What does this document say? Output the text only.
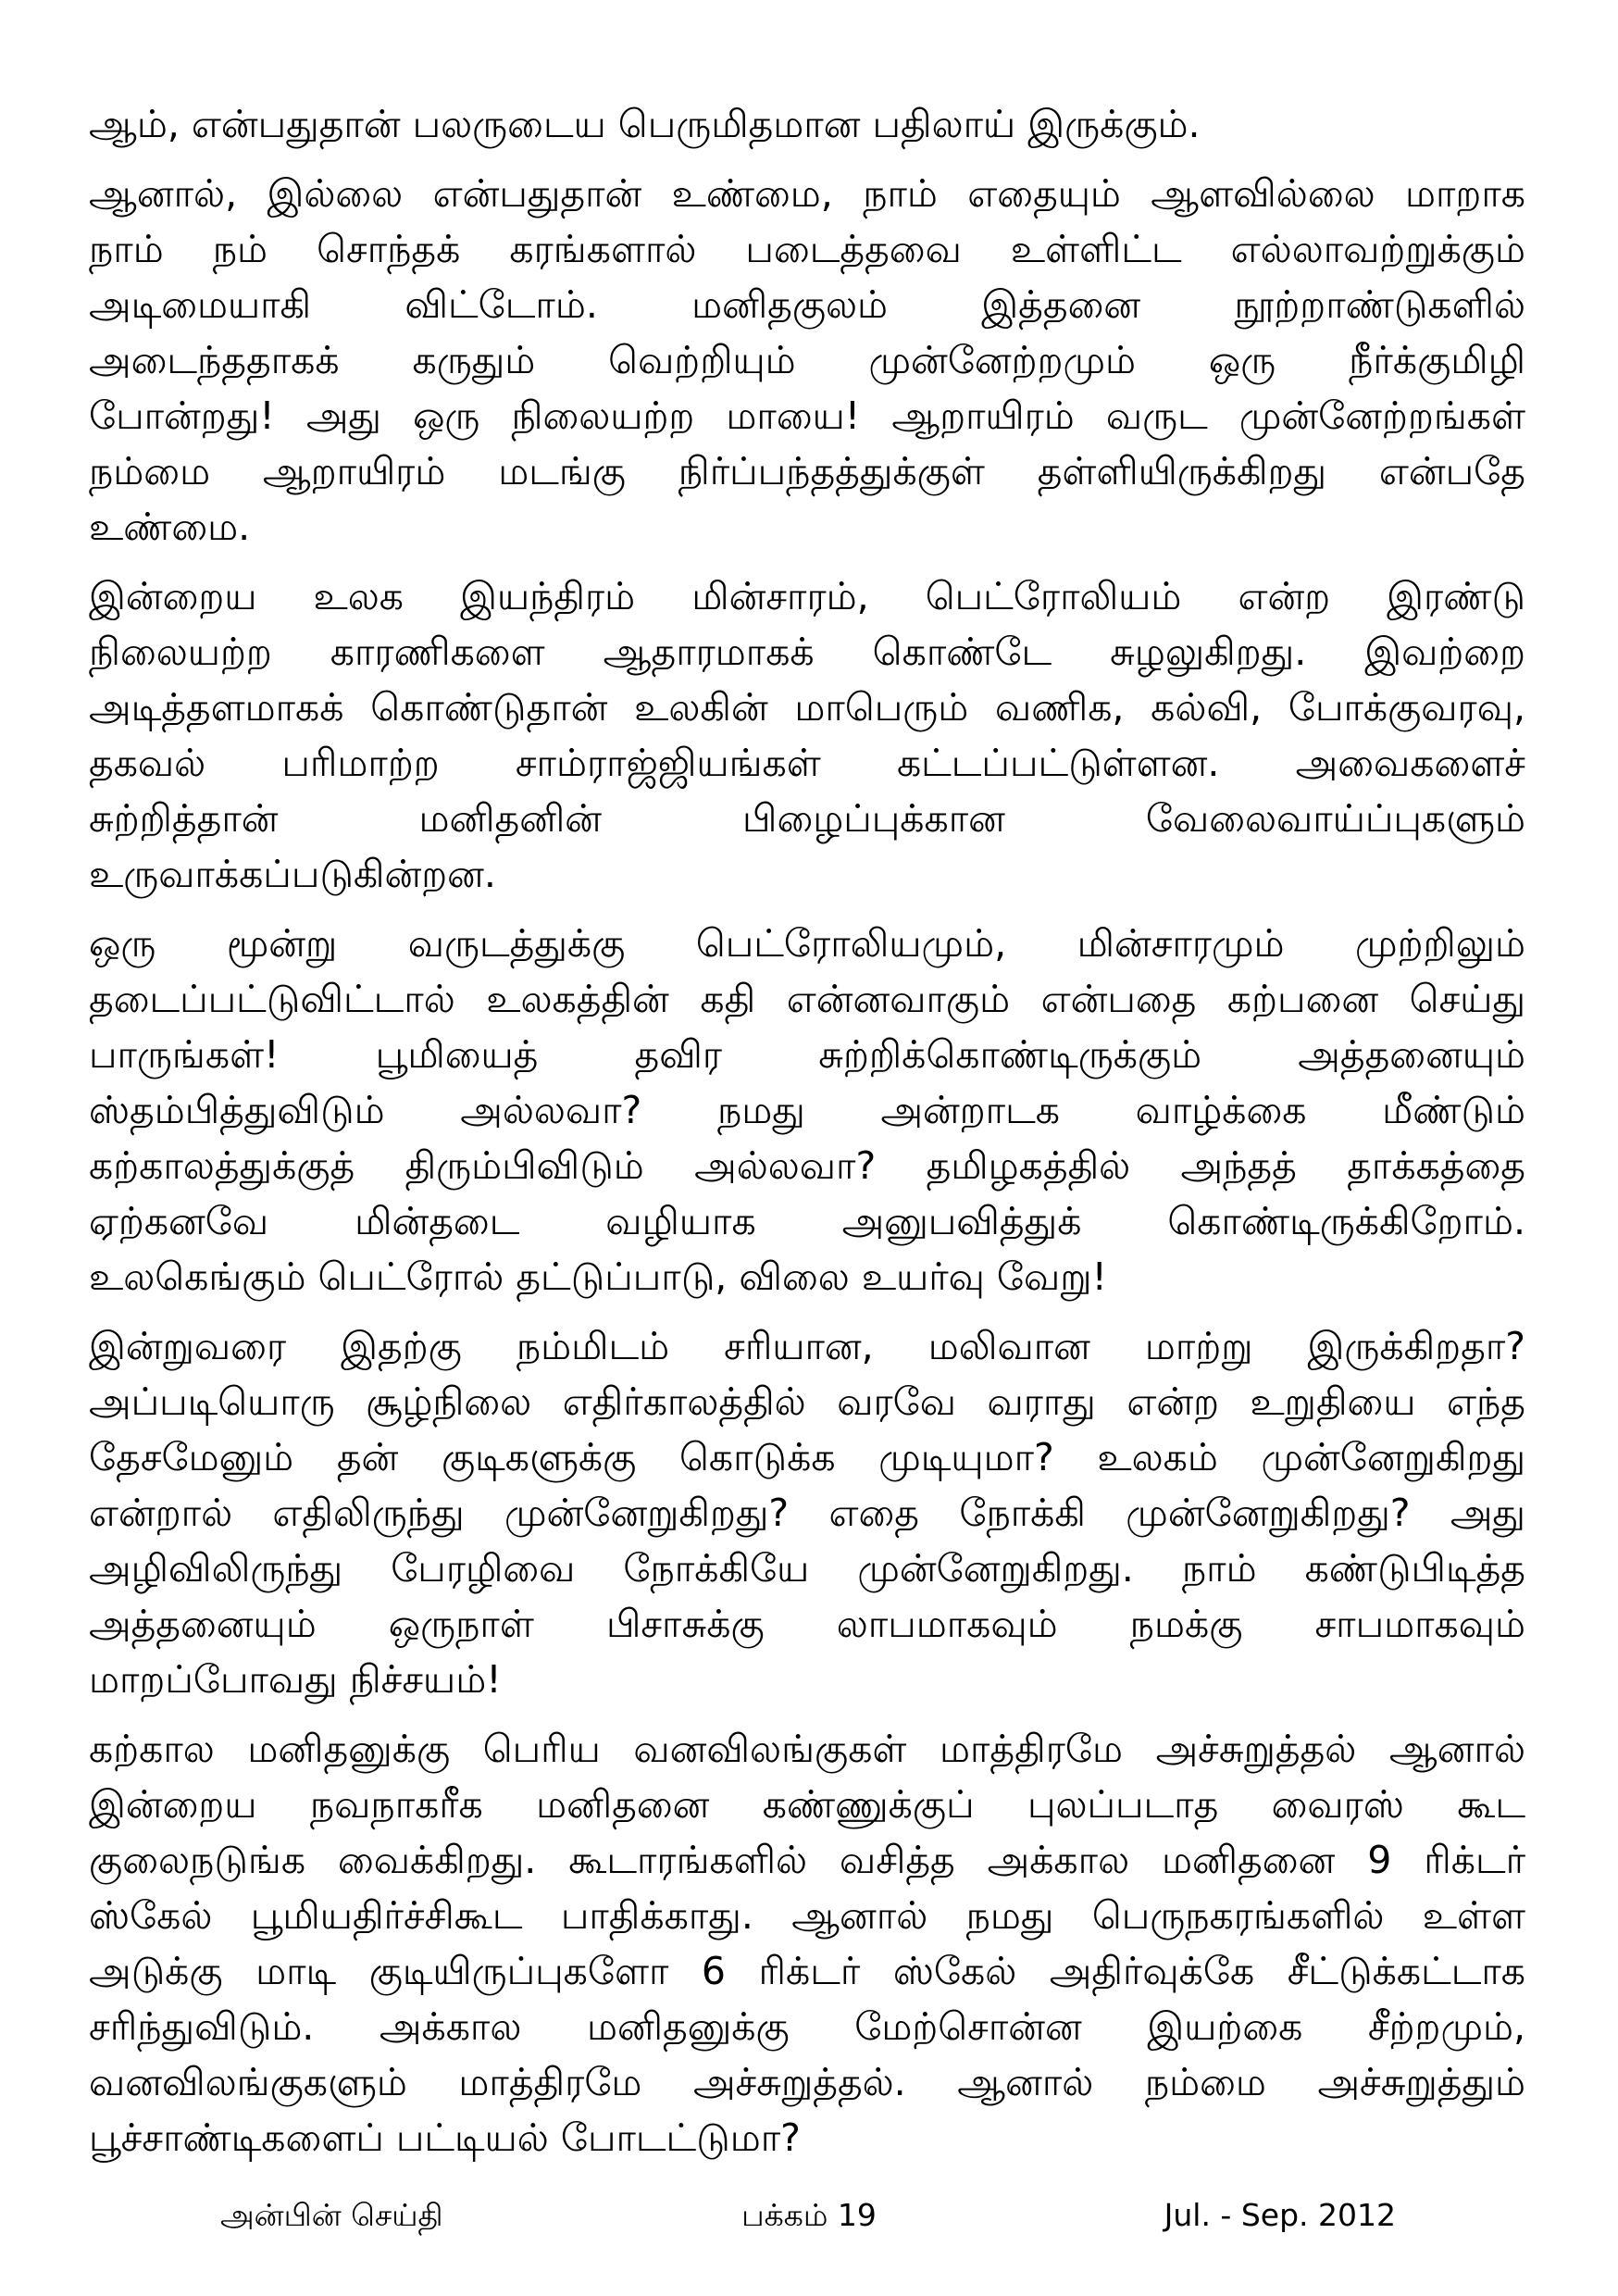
ஆம், என்பதுதான் பலருடைய பெருமிதமான பதிலாய் இருக்கும்.
ஆனால், இல்லை என்பதுதான் உண்மை, நாம் எதையும் ஆளவில்லை மாறாக
நாம் நம் சொந்தக் கரங்களால் படைத்தவை உள்ளிட்ட எல்லாவற்றுக்கும்
அடிமையாகி விட்டோம். மனிதகுலம் இத்தனை நூற்றாண்டுகளில்
அடைந்ததாகக் கருதும் வெற்றியும் முன்னேற்றமும் ஒரு நீர்க்குமிழி
போன்றது! அது ஒரு நிலையற்ற மாயை! ஆறாயிரம் வருட முன்னேற்றங்கள்
நம்மை ஆறாயிரம் மடங்கு நிர்ப்பந்தத்துக்குள் தள்ளியிருக்கிறது என்பதே
உண்மை.
இன்றைய உலக இயந்திரம் மின்சாரம், பெட்ரோலியம் என்ற இரண்டு
நிலையற்ற காரணிகளை ஆதாரமாகக் கொண்டே சுழலுகிறது. இவற்றை
அடித்தளமாகக் கொண்டுதான் உலகின் மாபெரும் வணிக, கல்வி, போக்குவரவு,
தகவல் பரிமாற்ற சாம்ராஜ்ஜியங்கள் கட்டப்பட்டுள்ளன. அவைகளைச்
சுற்றித்தான் மனிதனின் பிழைப்புக்கான வேலைவாய்ப்புகளும்
உருவாக்கப்படுகின்றன.
ஒரு மூன்று வருடத்துக்கு பெட்ரோலியமும், மின்சாரமும் முற்றிலும்
தடைப்பட்டுவிட்டால் உலகத்தின் கதி என்னவாகும் என்பதை கற்பனை செய்து
பாருங்கள்! பூமியைத் தவிர சுற்றிக்கொண்டிருக்கும் அத்தனையும்
ஸ்தம்பித்துவிடும் அல்லவா? நமது அன்றாடக வாழ்க்கை மீண்டும்
கற்காலத்துக்குத் திரும்பிவிடும் அல்லவா? தமிழகத்தில் அந்தத் தாக்கத்தை
ஏற்கனவே மின்தடை வழியாக அனுபவித்துக் கொண்டிருக்கிறோம்.
உலகெங்கும் பெட்ரோல் தட்டுப்பாடு, விலை உயர்வு வேறு!
இன்றுவரை இதற்கு நம்மிடம் சரியான, மலிவான மாற்று இருக்கிறதா?
அப்படியொரு சூழ்நிலை எதிர்காலத்தில் வரவே வராது என்ற உறுதியை எந்த
தேசமேனும் தன் குடிகளுக்கு கொடுக்க முடியுமா? உலகம் முன்னேறுகிறது
என்றால் எதிலிருந்து முன்னேறுகிறது? எதை நோக்கி முன்னேறுகிறது? அது
அழிவிலிருந்து பேரழிவை நோக்கியே முன்னேறுகிறது. நாம் கண்டுபிடித்த
அத்தனையும் ஒருநாள் பிசாசுக்கு லாபமாகவும் நமக்கு சாபமாகவும்
மாறப்போவது நிச்சயம்!
கற்கால மனிதனுக்கு பெரிய வனவிலங்குகள் மாத்திரமே அச்சுறுத்தல் ஆனால்
இன்றைய நவநாகரீக மனிதனை கண்ணுக்குப் புலப்படாத வைரஸ் கூட
குலைநடுங்க வைக்கிறது. கூடாரங்களில் வசித்த அக்கால மனிதனை 9 ரிக்டர்
ஸ்கேல் பூமியதிர்ச்சிகூட பாதிக்காது. ஆனால் நமது பெருநகரங்களில் உள்ள
அடுக்கு மாடி குடியிருப்புகளோ 6 ரிக்டர் ஸ்கேல் அதிர்வுக்கே சீட்டுக்கட்டாக
சரிந்துவிடும். அக்கால மனிதனுக்கு மேற்சொன்ன இயற்கை சீற்றமும்,
வனவிலங்குகளும் மாத்திரமே அச்சுறுத்தல். ஆனால் நம்மை அச்சுறுத்தும்
பூச்சாண்டிகளைப் பட்டியல் போடட்டுமா?
அன்பின் செய்தி	பக்கம் 19	Jul. - Sep. 2012
